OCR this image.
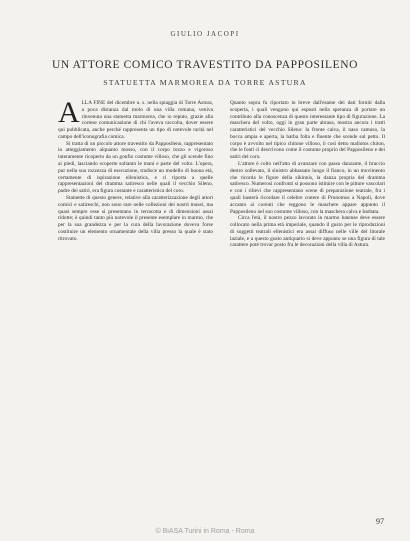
GIULIO JACOPI
UN ATTORE COMICO TRAVESTITO DA PAPPOSILENO
STATUETTA MARMOREA DA TORRE ASTURA
A LLA FINE del dicembre u. s. nella spiaggia di Torre Astura, a poca distanza dal molo di una villa romana, veniva rinvenuta una statuetta marmorea, che io reputo, grazie alla cortese comunicazione di chi l'aveva raccolta, dover essere qui pubblicata, anche perché rappresenta un tipo di notevole rarità nel campo dell'iconografia comica.

Si tratta di un piccolo attore travestito da Papposileno, rappresentato in atteggiamento alquanto mosso, con il corpo tozzo e vigoroso interamente ricoperto da un gonfio costume villoso, che gli scende fino ai piedi, lasciando scoperte soltanto le mani e parte del volto. L'opera, pur nella sua rozzezza di esecuzione, tradisce un modello di buona età, certamente di ispirazione ellenistica, e ci riporta a quelle rappresentazioni del dramma satiresco nelle quali il vecchio Sileno, padre dei satiri, era figura costante e caratteristica del coro.

Statuette di questo genere, relative alla caratterizzazione degli attori comici e satireschi, non sono rare nelle collezioni dei nostri musei, ma quasi sempre esse si presentano in terracotta e di dimensioni assai ridotte; è quindi tanto più notevole il presente esemplare in marmo, che per la sua grandezza e per la cura della lavorazione doveva forse costituire un elemento ornamentale della villa presso la quale è stato ritrovato.

Quanto sopra fu riportato in breve dall'esame dei dati forniti dalla scoperta, i quali vengono qui esposti nella speranza di portare un contributo alla conoscenza di questo interessante tipo di figurazione. La maschera del volto, oggi in gran parte abrasa, mostra ancora i tratti caratteristici del vecchio Sileno: la fronte calva, il naso camuso, la bocca ampia e aperta, la barba folta e fluente che scende sul petto. Il corpo è avvolto nel tipico chitone villoso, il così detto mallotos chiton, che le fonti ci descrivono come il costume proprio del Papposileno e dei satiri del coro.

L'attore è colto nell'atto di avanzare con passo danzante, il braccio destro sollevato, il sinistro abbassato lungo il fianco, in un movimento che ricorda le figure della sikinnis, la danza propria del dramma satiresco. Numerosi confronti si possono istituire con le pitture vascolari e con i rilievi che rappresentano scene di preparazione teatrale, fra i quali basterà ricordare il celebre cratere di Pronomos a Napoli, dove accanto ai coreuti che reggono le maschere appare appunto il Papposileno nel suo costume villoso, con la maschera calva e barbata.

Circa l'età, il nostro pezzo lavorato in marmo lunense deve essere collocato nella prima età imperiale, quando il gusto per le riproduzioni di soggetti teatrali ellenistici era assai diffuso nelle ville del litorale laziale, e a questo gusto antiquario si deve appunto se una figura di tale carattere poté trovar posto fra le decorazioni della villa di Astura.

97
© BiASA Turini in Roma - Roma
